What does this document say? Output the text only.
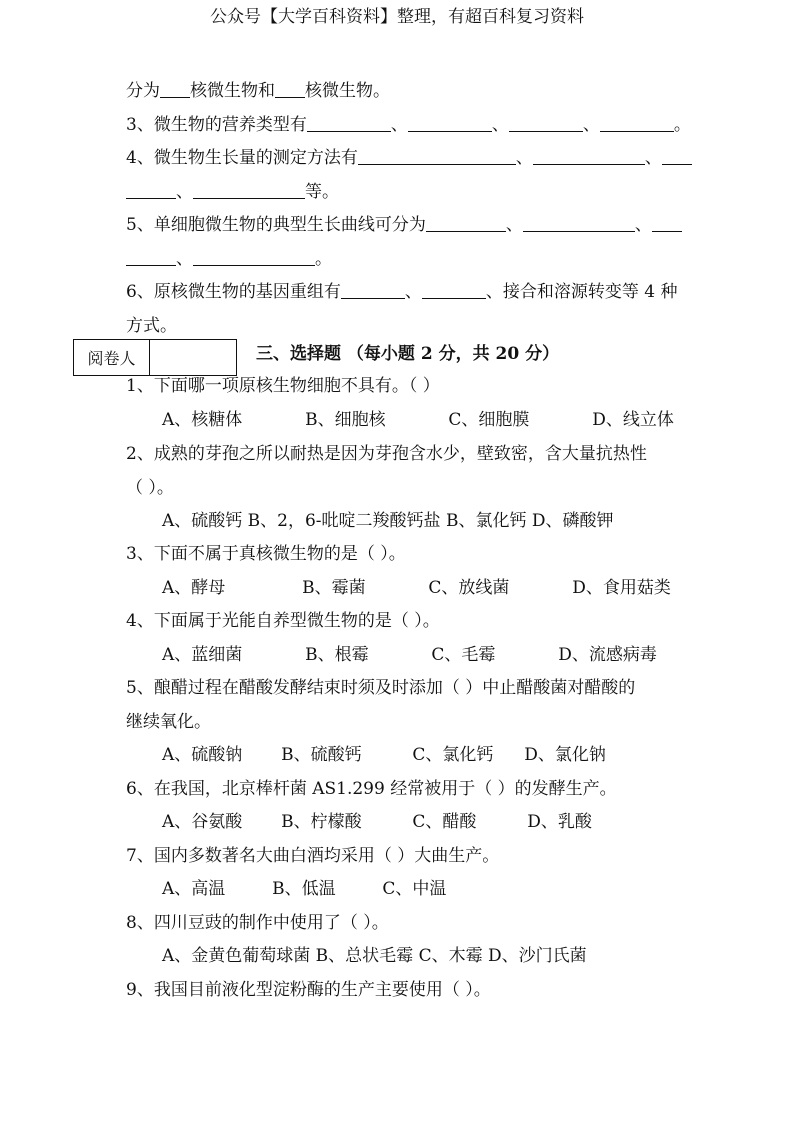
公众号【大学百科资料】整理，有超百科复习资料
分为 核微生物和 核微生物。
3、微生物的营养类型有	、	、	、	。
4、微生物生长量的测定方法有	、	、
、	等。
5、单细胞微生物的典型生长曲线可分为	、	、
、	。
6、原核微生物的基因重组有	、	、接合和溶源转变等 4 种
方式。
阅卷人	三、选择题 （每小题 2 分，共 20 分）
1、下面哪一项原核生物细胞不具有。（ ）
A、核糖体	B、细胞核	C、细胞膜	D、线立体
2、成熟的芽孢之所以耐热是因为芽孢含水少，壁致密，含大量抗热性
（ ）。
A、硫酸钙 B、2，6-吡啶二羧酸钙盐 B、氯化钙 D、磷酸钾
3、下面不属于真核微生物的是（ ）。
A、酵母	B、霉菌	C、放线菌	D、食用菇类
4、下面属于光能自养型微生物的是（ ）。
A、蓝细菌	B、根霉	C、毛霉	D、流感病毒
5、酿醋过程在醋酸发酵结束时须及时添加（ ）中止醋酸菌对醋酸的
继续氧化。
A、硫酸钠 B、硫酸钙	C、氯化钙 D、氯化钠
6、在我国，北京棒杆菌 AS1.299 经常被用于（ ）的发酵生产。
A、谷氨酸 B、柠檬酸	C、醋酸	D、乳酸
7、国内多数著名大曲白酒均采用（ ）大曲生产。
A、高温	B、低温	C、中温
8、四川豆豉的制作中使用了（ ）。
A、金黄色葡萄球菌 B、总状毛霉 C、木霉 D、沙门氏菌
9、我国目前液化型淀粉酶的生产主要使用（ ）。
